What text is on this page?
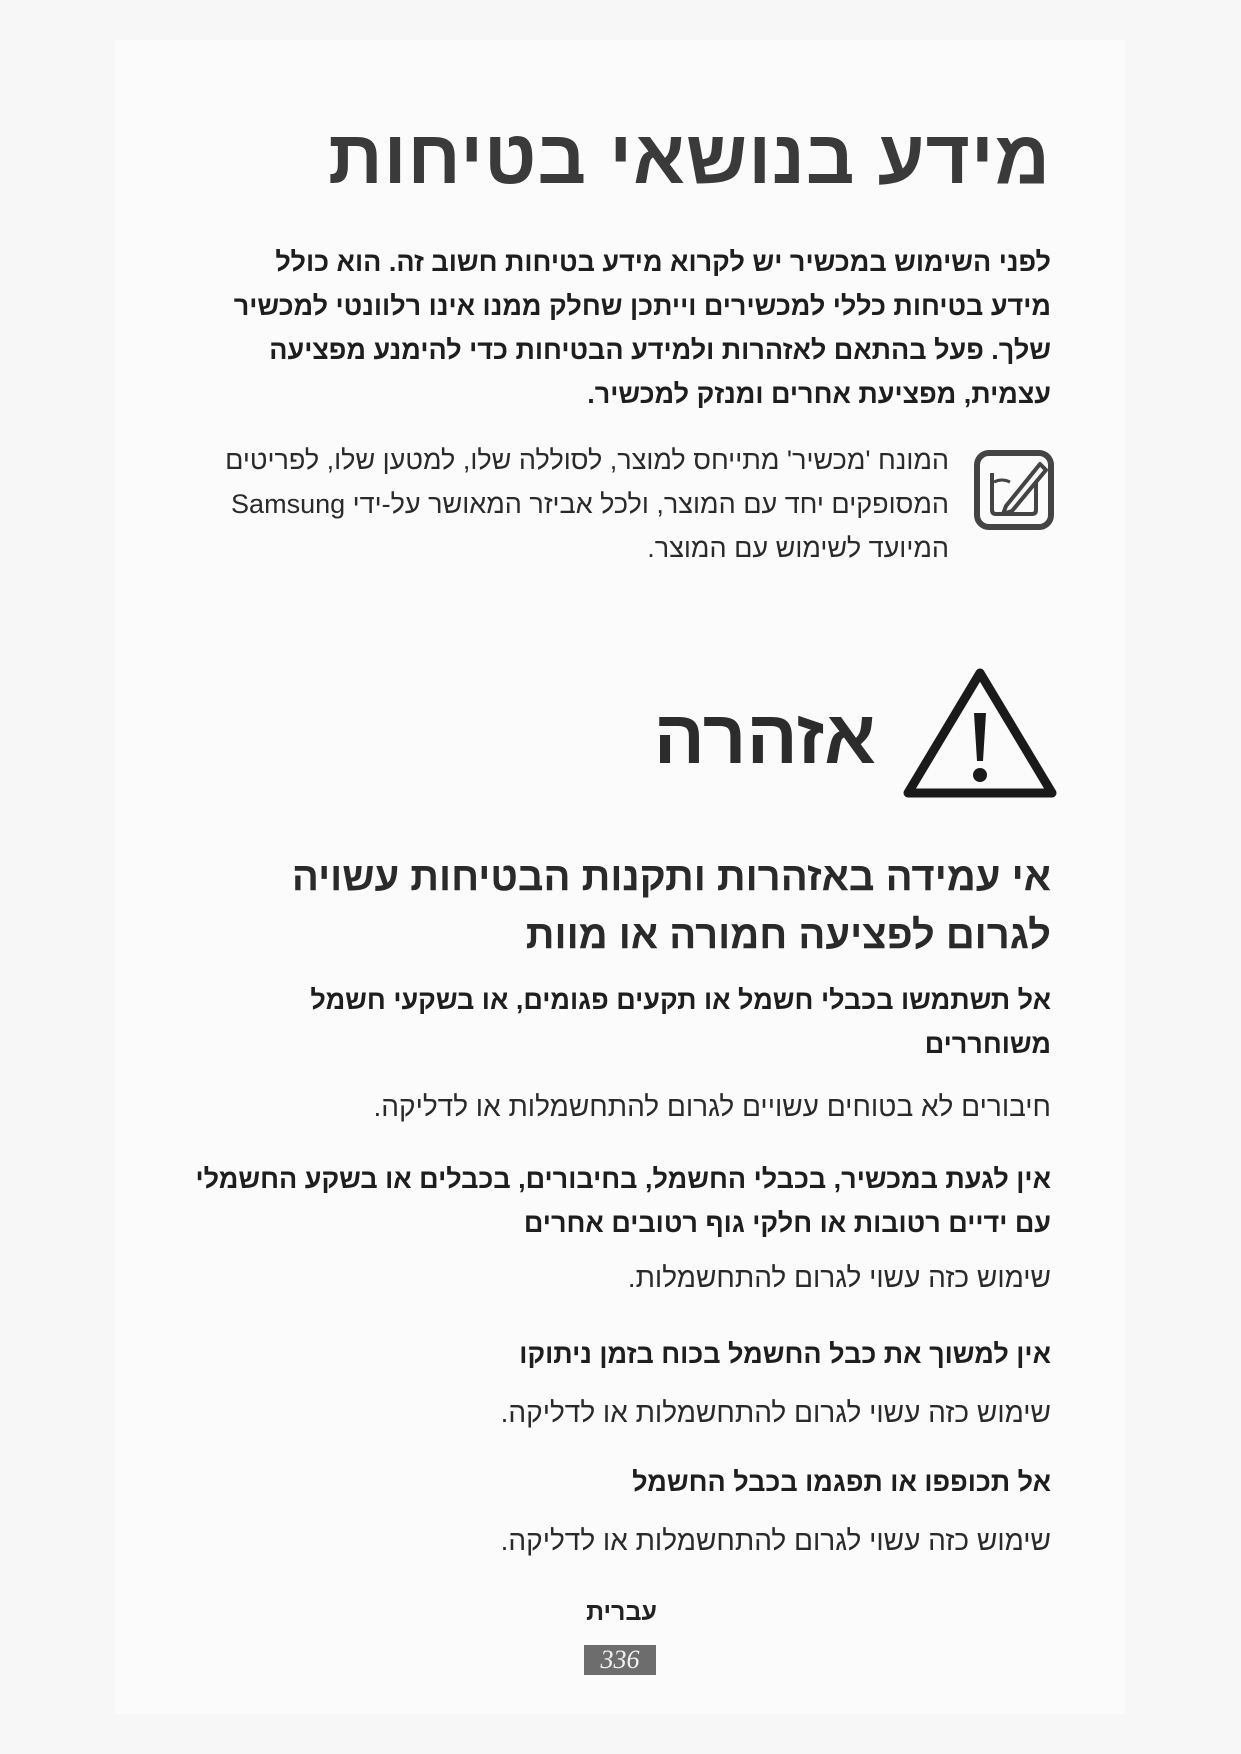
מידע בנושאי בטיחות

לפני השימוש במכשיר יש לקרוא מידע בטיחות חשוב זה. הוא כולל מידע בטיחות כללי למכשירים וייתכן שחלק ממנו אינו רלוונטי למכשיר שלך. פעל בהתאם לאזהרות ולמידע הבטיחות כדי להימנע מפציעה עצמית, מפציעת אחרים ומנזק למכשיר.

המונח 'מכשיר' מתייחס למוצר, לסוללה שלו, למטען שלו, לפריטים המסופקים יחד עם המוצר, ולכל אביזר המאושר על-ידי Samsung המיועד לשימוש עם המוצר.

אזהרה
אי עמידה באזהרות ותקנות הבטיחות עשויה לגרום לפציעה חמורה או מוות

אל תשתמשו בכבלי חשמל או תקעים פגומים, או בשקעי חשמל משוחררים

חיבורים לא בטוחים עשויים לגרום להתחשמלות או לדליקה.

אין לגעת במכשיר, בכבלי החשמל, בחיבורים, בכבלים או בשקע החשמלי עם ידיים רטובות או חלקי גוף רטובים אחרים

שימוש כזה עשוי לגרום להתחשמלות.

אין למשוך את כבל החשמל בכוח בזמן ניתוקו

שימוש כזה עשוי לגרום להתחשמלות או לדליקה.

אל תכופפו או תפגמו בכבל החשמל

שימוש כזה עשוי לגרום להתחשמלות או לדליקה.

עברית
336
